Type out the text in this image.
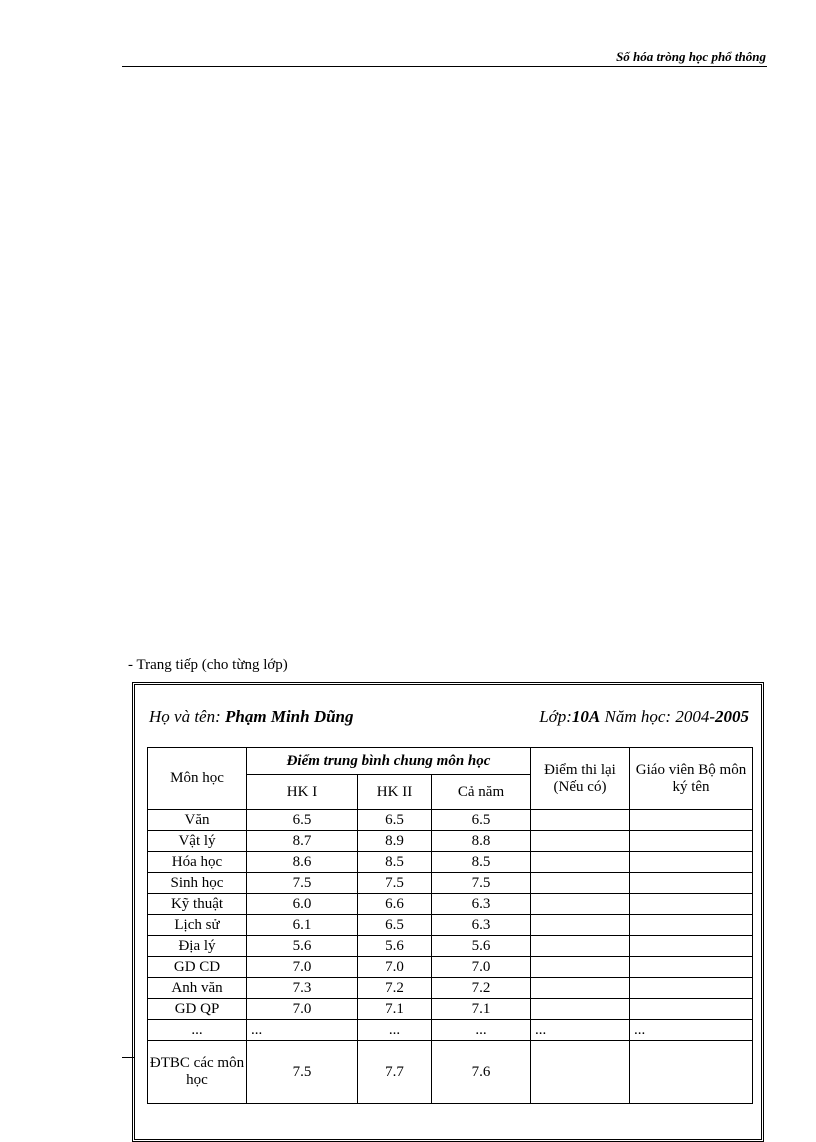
Số hóa tròng học phổ thông
- Trang tiếp (cho từng lớp)
Họ và tên: Phạm Minh Dũng	Lớp:10A Năm học: 2004-2005
Môn học	Điểm trung bình chung môn học			Điểm thi lại (Nếu có)	Giáo viên Bộ môn ký tên
	HK I	HK II	Cả năm		
Văn	6.5	6.5	6.5		
Vật lý	8.7	8.9	8.8		
Hóa học	8.6	8.5	8.5		
Sinh học	7.5	7.5	7.5		
Kỹ thuật	6.0	6.6	6.3		
Lịch sử	6.1	6.5	6.3		
Địa lý	5.6	5.6	5.6		
GD CD	7.0	7.0	7.0		
Anh văn	7.3	7.2	7.2		
GD QP	7.0	7.1	7.1		
...	...	...	...	...	...
ĐTBC các môn học	7.5	7.7	7.6		
